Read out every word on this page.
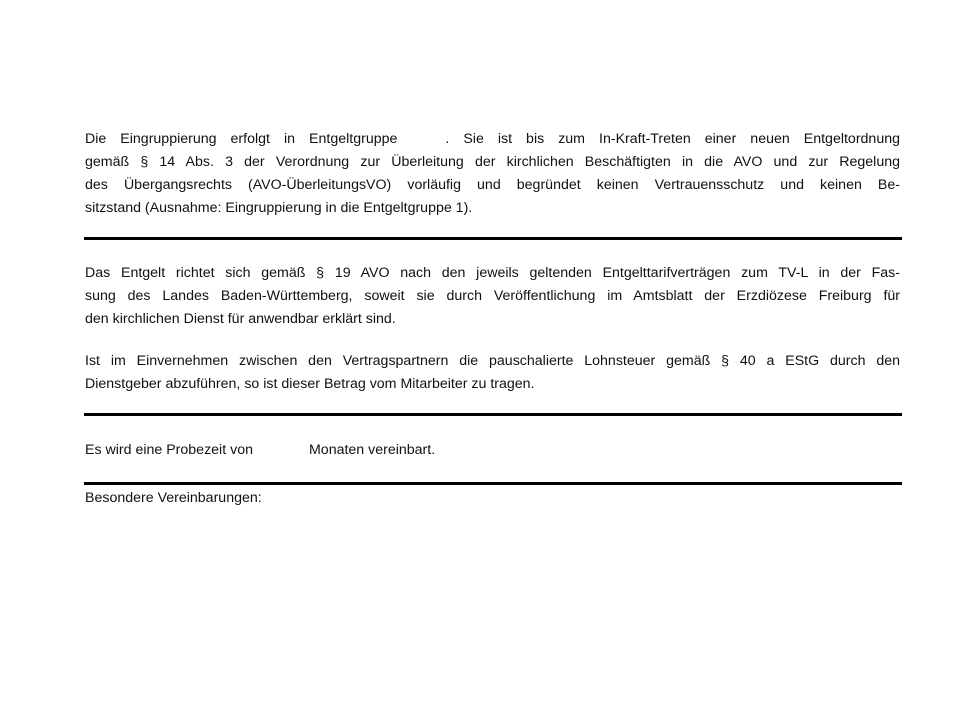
Die Eingruppierung erfolgt in Entgeltgruppe	. Sie ist bis zum In-Kraft-Treten einer neuen Entgeltordnung
gemäß § 14 Abs. 3 der Verordnung zur Überleitung der kirchlichen Beschäftigten in die AVO und zur Regelung
des Übergangsrechts (AVO-ÜberleitungsVO) vorläufig und begründet keinen Vertrauensschutz und keinen Be-
sitzstand (Ausnahme: Eingruppierung in die Entgeltgruppe 1).
Das Entgelt richtet sich gemäß § 19 AVO nach den jeweils geltenden Entgelttarifverträgen zum TV-L in der Fas-
sung des Landes Baden-Württemberg, soweit sie durch Veröffentlichung im Amtsblatt der Erzdiözese Freiburg für
den kirchlichen Dienst für anwendbar erklärt sind.
Ist im Einvernehmen zwischen den Vertragspartnern die pauschalierte Lohnsteuer gemäß § 40 a EStG durch den
Dienstgeber abzuführen, so ist dieser Betrag vom Mitarbeiter zu tragen.

Es wird eine Probezeit von	Monaten vereinbart.

Besondere Vereinbarungen:
